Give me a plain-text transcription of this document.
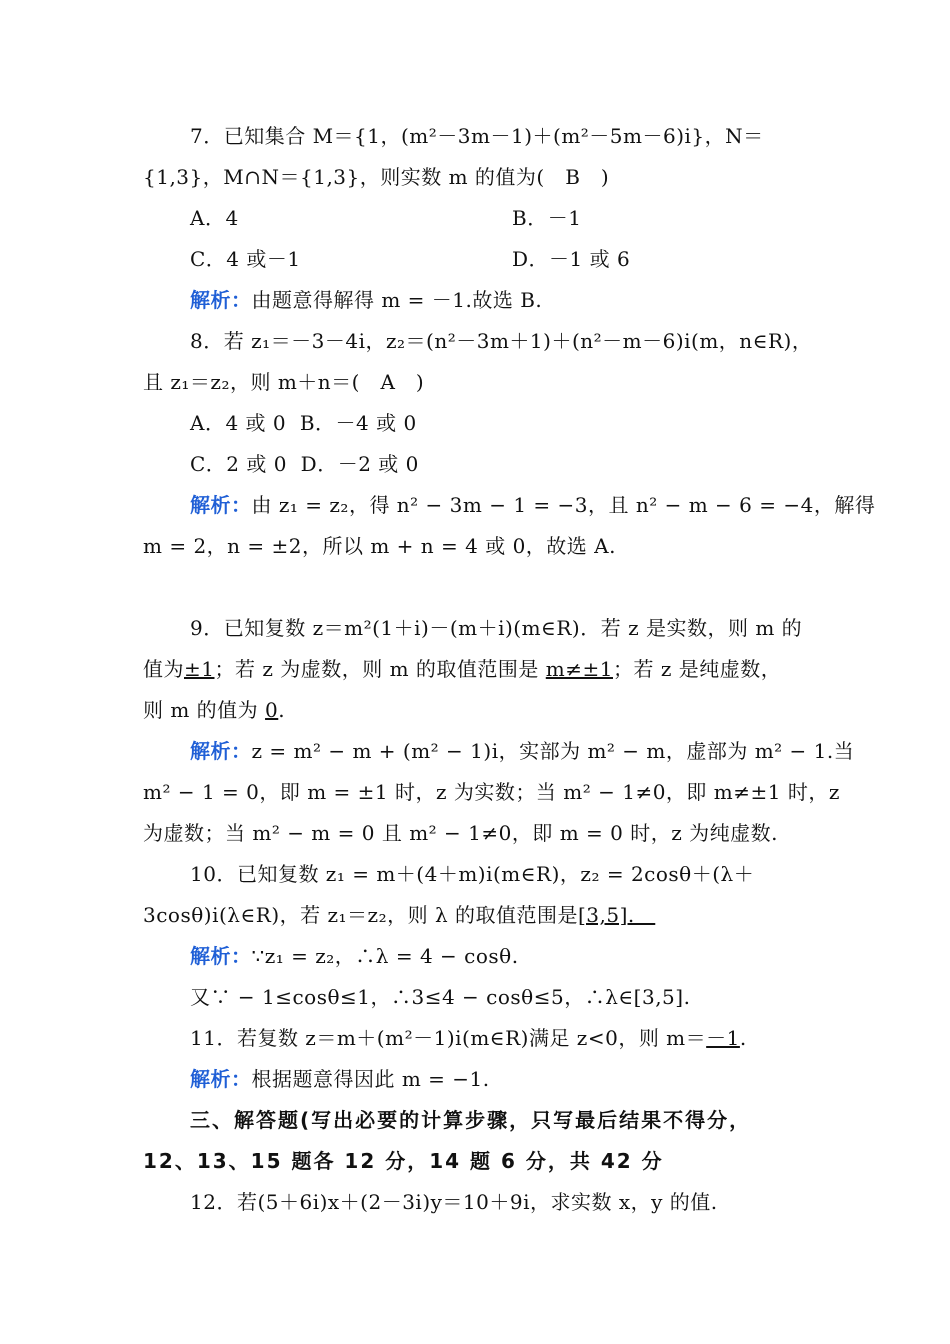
7．已知集合 M＝{1，(m²－3m－1)＋(m²－5m－6)i}，N＝
{1,3}，M∩N＝{1,3}，则实数 m 的值为(　B　)
A．4	B．－1
C．4 或－1	D．－1 或 6
解析：由题意得解得 m = －1.故选 B.
8．若 z₁＝－3－4i，z₂＝(n²－3m＋1)＋(n²－m－6)i(m，n∈R)，
且 z₁＝z₂，则 m＋n＝(　A　)
A．4 或 0  B．－4 或 0
C．2 或 0  D．－2 或 0
解析：由 z₁ = z₂，得 n² − 3m − 1 = −3，且 n² − m − 6 = −4，解得
m = 2，n = ±2，所以 m + n = 4 或 0，故选 A.
9．已知复数 z＝m²(1＋i)－(m＋i)(m∈R)．若 z 是实数，则 m 的
值为±1；若 z 为虚数，则 m 的取值范围是 m≠±1；若 z 是纯虚数，
则 m 的值为 0.
解析：z = m² − m + (m² − 1)i，实部为 m² − m，虚部为 m² − 1.当
m² − 1 = 0，即 m = ±1 时，z 为实数；当 m² − 1≠0，即 m≠±1 时，z
为虚数；当 m² − m = 0 且 m² − 1≠0，即 m = 0 时，z 为纯虚数.
10．已知复数 z₁ = m＋(4＋m)i(m∈R)，z₂ = 2cosθ＋(λ＋
3cosθ)i(λ∈R)，若 z₁＝z₂，则 λ 的取值范围是[3,5].　
解析：∵z₁ = z₂，∴λ = 4 − cosθ.
又∵ − 1≤cosθ≤1，∴3≤4 − cosθ≤5，∴λ∈[3,5].
11．若复数 z＝m＋(m²－1)i(m∈R)满足 z<0，则 m＝－1.
解析：根据题意得因此 m = −1.
三、解答题(写出必要的计算步骤，只写最后结果不得分，
12、13、15 题各 12 分，14 题 6 分，共 42 分
12．若(5＋6i)x＋(2－3i)y＝10＋9i，求实数 x，y 的值.
